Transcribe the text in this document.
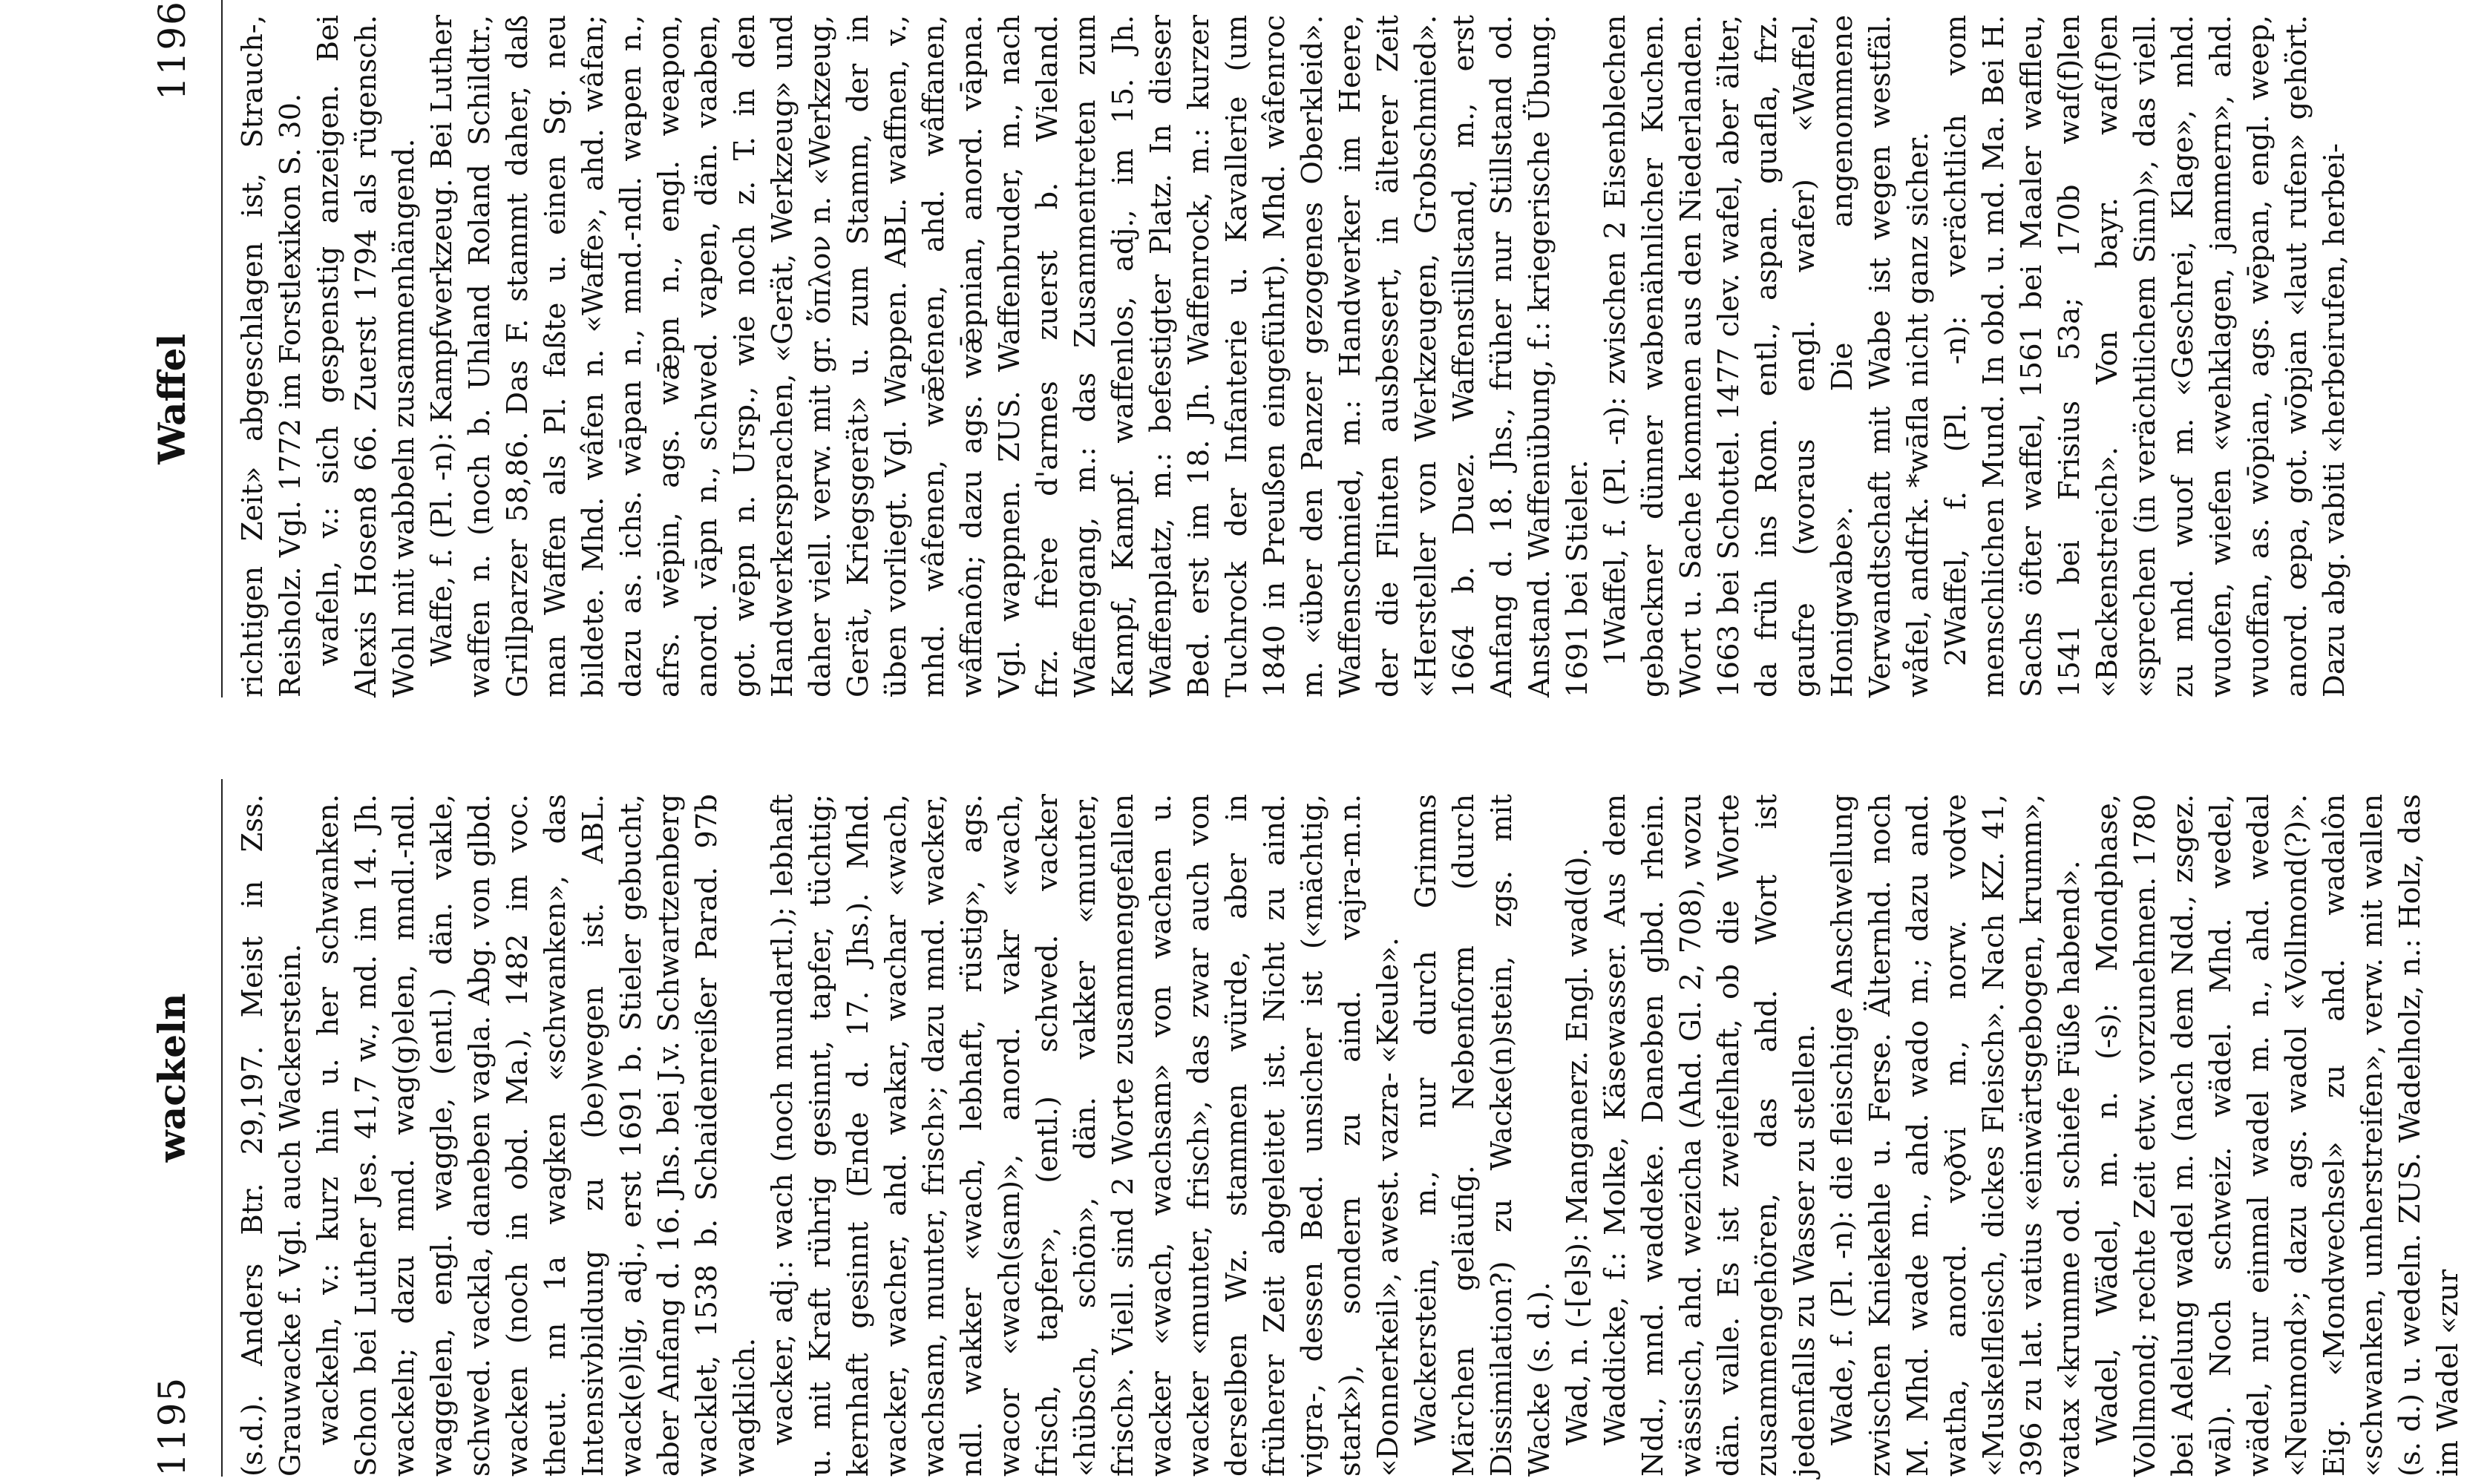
1195
wackeln
Waffel
1196

(s.d.). Anders Btr. 29,197. Meist in Zss. Grauwacke f. Vgl. auch Wackerstein. wackeln, v.: kurz hin u. her schwanken. Schon bei Luther Jes. 41,7 w., md. im 14. Jh. wackeln; dazu mnd. wag(g)elen, mndl.-ndl. waggelen, engl. waggle, (entl.) dän. vakle, schwed. vackla, daneben vagla. Abg. von glbd. wacken (noch in obd. Ma.), 1482 im voc. theut. nn 1a wagken «schwanken», das Intensivbildung zu (be)wegen ist. ABL. wack(e)lig, adj., erst 1691 b. Stieler gebucht, aber Anfang d. 16. Jhs. bei J.v. Schwartzenberg wacklet, 1538 b. Schaidenreißer Parad. 97b wagklich. wacker, adj.: wach (noch mundartl.); lebhaft u. mit Kraft rührig gesinnt, tapfer, tüchtig; kernhaft gesinnt (Ende d. 17. Jhs.). Mhd. wacker, wacher, ahd. wakar, wachar «wach, wachsam, munter, frisch»; dazu mnd. wacker, ndl. wakker «wach, lebhaft, rüstig», ags. wacor «wach(sam)», anord. vakr «wach, frisch, tapfer», (entl.) schwed. vacker «hübsch, schön», dän. vakker «munter, frisch». Viell. sind 2 Worte zusammengefallen wacker «wach, wachsam» von wachen u. wacker «munter, frisch», das zwar auch von derselben Wz. stammen würde, aber in früherer Zeit abgeleitet ist. Nicht zu aind. vigra-, dessen Bed. unsicher ist («mächtig, stark»), sondern zu aind. vajra-m.n. «Donnerkeil», awest. vazra- «Keule». Wackerstein, m., nur durch Grimms Märchen geläufig. Nebenform (durch Dissimilation?) zu Wacke(n)stein, zgs. mit Wacke (s. d.). Wad, n. (-[e]s): Manganerz. Engl. wad(d). Waddicke, f.: Molke, Käsewasser. Aus dem Ndd., mnd. waddeke. Daneben glbd. rhein. wässisch, ahd. wezicha (Ahd. Gl. 2, 708), wozu dän. valle. Es ist zweifelhaft, ob die Worte zusammengehören, das ahd. Wort ist jedenfalls zu Wasser zu stellen. Wade, f. (Pl. -n): die fleischige Anschwellung zwischen Kniekehle u. Ferse. Älternhd. noch M. Mhd. wade m., ahd. wado m.; dazu and. watha, anord. vǫðvi m., norw. vodve «Muskelfleisch, dickes Fleisch». Nach KZ. 41, 396 zu lat. vatius «einwärtsgebogen, krumm», vatax «krumme od. schiefe Füße habend». Wadel, Wädel, m. n. (-s): Mondphase, Vollmond; rechte Zeit etw. vorzunehmen. 1780 bei Adelung wadel m. (nach dem Ndd., zsgez. wāl). Noch schweiz. wädel. Mhd. wedel, wädel, nur einmal wadel m. n., ahd. wedal «Neumond»; dazu ags. wadol «Vollmond(?)». Eig. «Mondwechsel» zu ahd. wadalôn «schwanken, umherstreifen», verw. mit wallen (s. d.) u. wedeln. ZUS. Wadelholz, n.: Holz, das im Wadel «zur

richtigen Zeit» abgeschlagen ist, Strauch-, Reisholz. Vgl. 1772 im Forstlexikon S. 30. wafeln, v.: sich gespenstig anzeigen. Bei Alexis Hosen8 66. Zuerst 1794 als rügensch. Wohl mit wabbeln zusammenhängend. Waffe, f. (Pl. -n): Kampfwerkzeug. Bei Luther waffen n. (noch b. Uhland Roland Schildtr., Grillparzer 58,86. Das F. stammt daher, daß man Waffen als Pl. faßte u. einen Sg. neu bildete. Mhd. wâfen n. «Waffe», ahd. wâfan; dazu as. ichs. wāpan n., mnd.-ndl. wapen n., afrs. wēpin, ags. wǣpn n., engl. weapon, anord. vāpn n., schwed. vapen, dän. vaaben, got. wēpn n. Ursp., wie noch z. T. in den Handwerkersprachen, «Gerät, Werkzeug» und daher viell. verw. mit gr. ὅπλον n. «Werkzeug, Gerät, Kriegsgerät» u. zum Stamm, der in üben vorliegt. Vgl. Wappen. ABL. waffnen, v., mhd. wâfenen, wǣfenen, ahd. wâffanen, wâffanôn; dazu ags. wǣpnian, anord. vāpna. Vgl. wappnen. ZUS. Waffenbruder, m., nach frz. frère d'armes zuerst b. Wieland. Waffengang, m.: das Zusammentreten zum Kampf, Kampf. waffenlos, adj., im 15. Jh. Waffenplatz, m.: befestigter Platz. In dieser Bed. erst im 18. Jh. Waffenrock, m.: kurzer Tuchrock der Infanterie u. Kavallerie (um 1840 in Preußen eingeführt). Mhd. wâfenroc m. «über den Panzer gezogenes Oberkleid». Waffenschmied, m.: Handwerker im Heere, der die Flinten ausbessert, in älterer Zeit «Hersteller von Werkzeugen, Grobschmied». 1664 b. Duez. Waffenstillstand, m., erst Anfang d. 18. Jhs., früher nur Stillstand od. Anstand. Waffenübung, f.: kriegerische Übung. 1691 bei Stieler. 1Waffel, f. (Pl. -n): zwischen 2 Eisenblechen gebackner dünner wabenähnlicher Kuchen. Wort u. Sache kommen aus den Niederlanden. 1663 bei Schottel. 1477 clev. wafel, aber älter, da früh ins Rom. entl., aspan. guafla, frz. gaufre (woraus engl. wafer) «Waffel, Honigwabe». Die angenommene Verwandtschaft mit Wabe ist wegen westfäl. wåfel, andfrk. *wāfla nicht ganz sicher. 2Waffel, f. (Pl. -n): verächtlich vom menschlichen Mund. In obd. u. md. Ma. Bei H. Sachs öfter waffel, 1561 bei Maaler waffleu, 1541 bei Frisius 53a; 170b waf(f)len «Backenstreich». Von bayr. waf(f)en «sprechen (in verächtlichem Sinn)», das viell. zu mhd. wuof m. «Geschrei, Klage», mhd. wuofen, wiefen «wehklagen, jammern», ahd. wuoffan, as. wōpian, ags. wēpan, engl. weep, anord. œpa, got. wōpjan «laut rufen» gehört. Dazu abg. vabiti «herbeirufen, herbei-
